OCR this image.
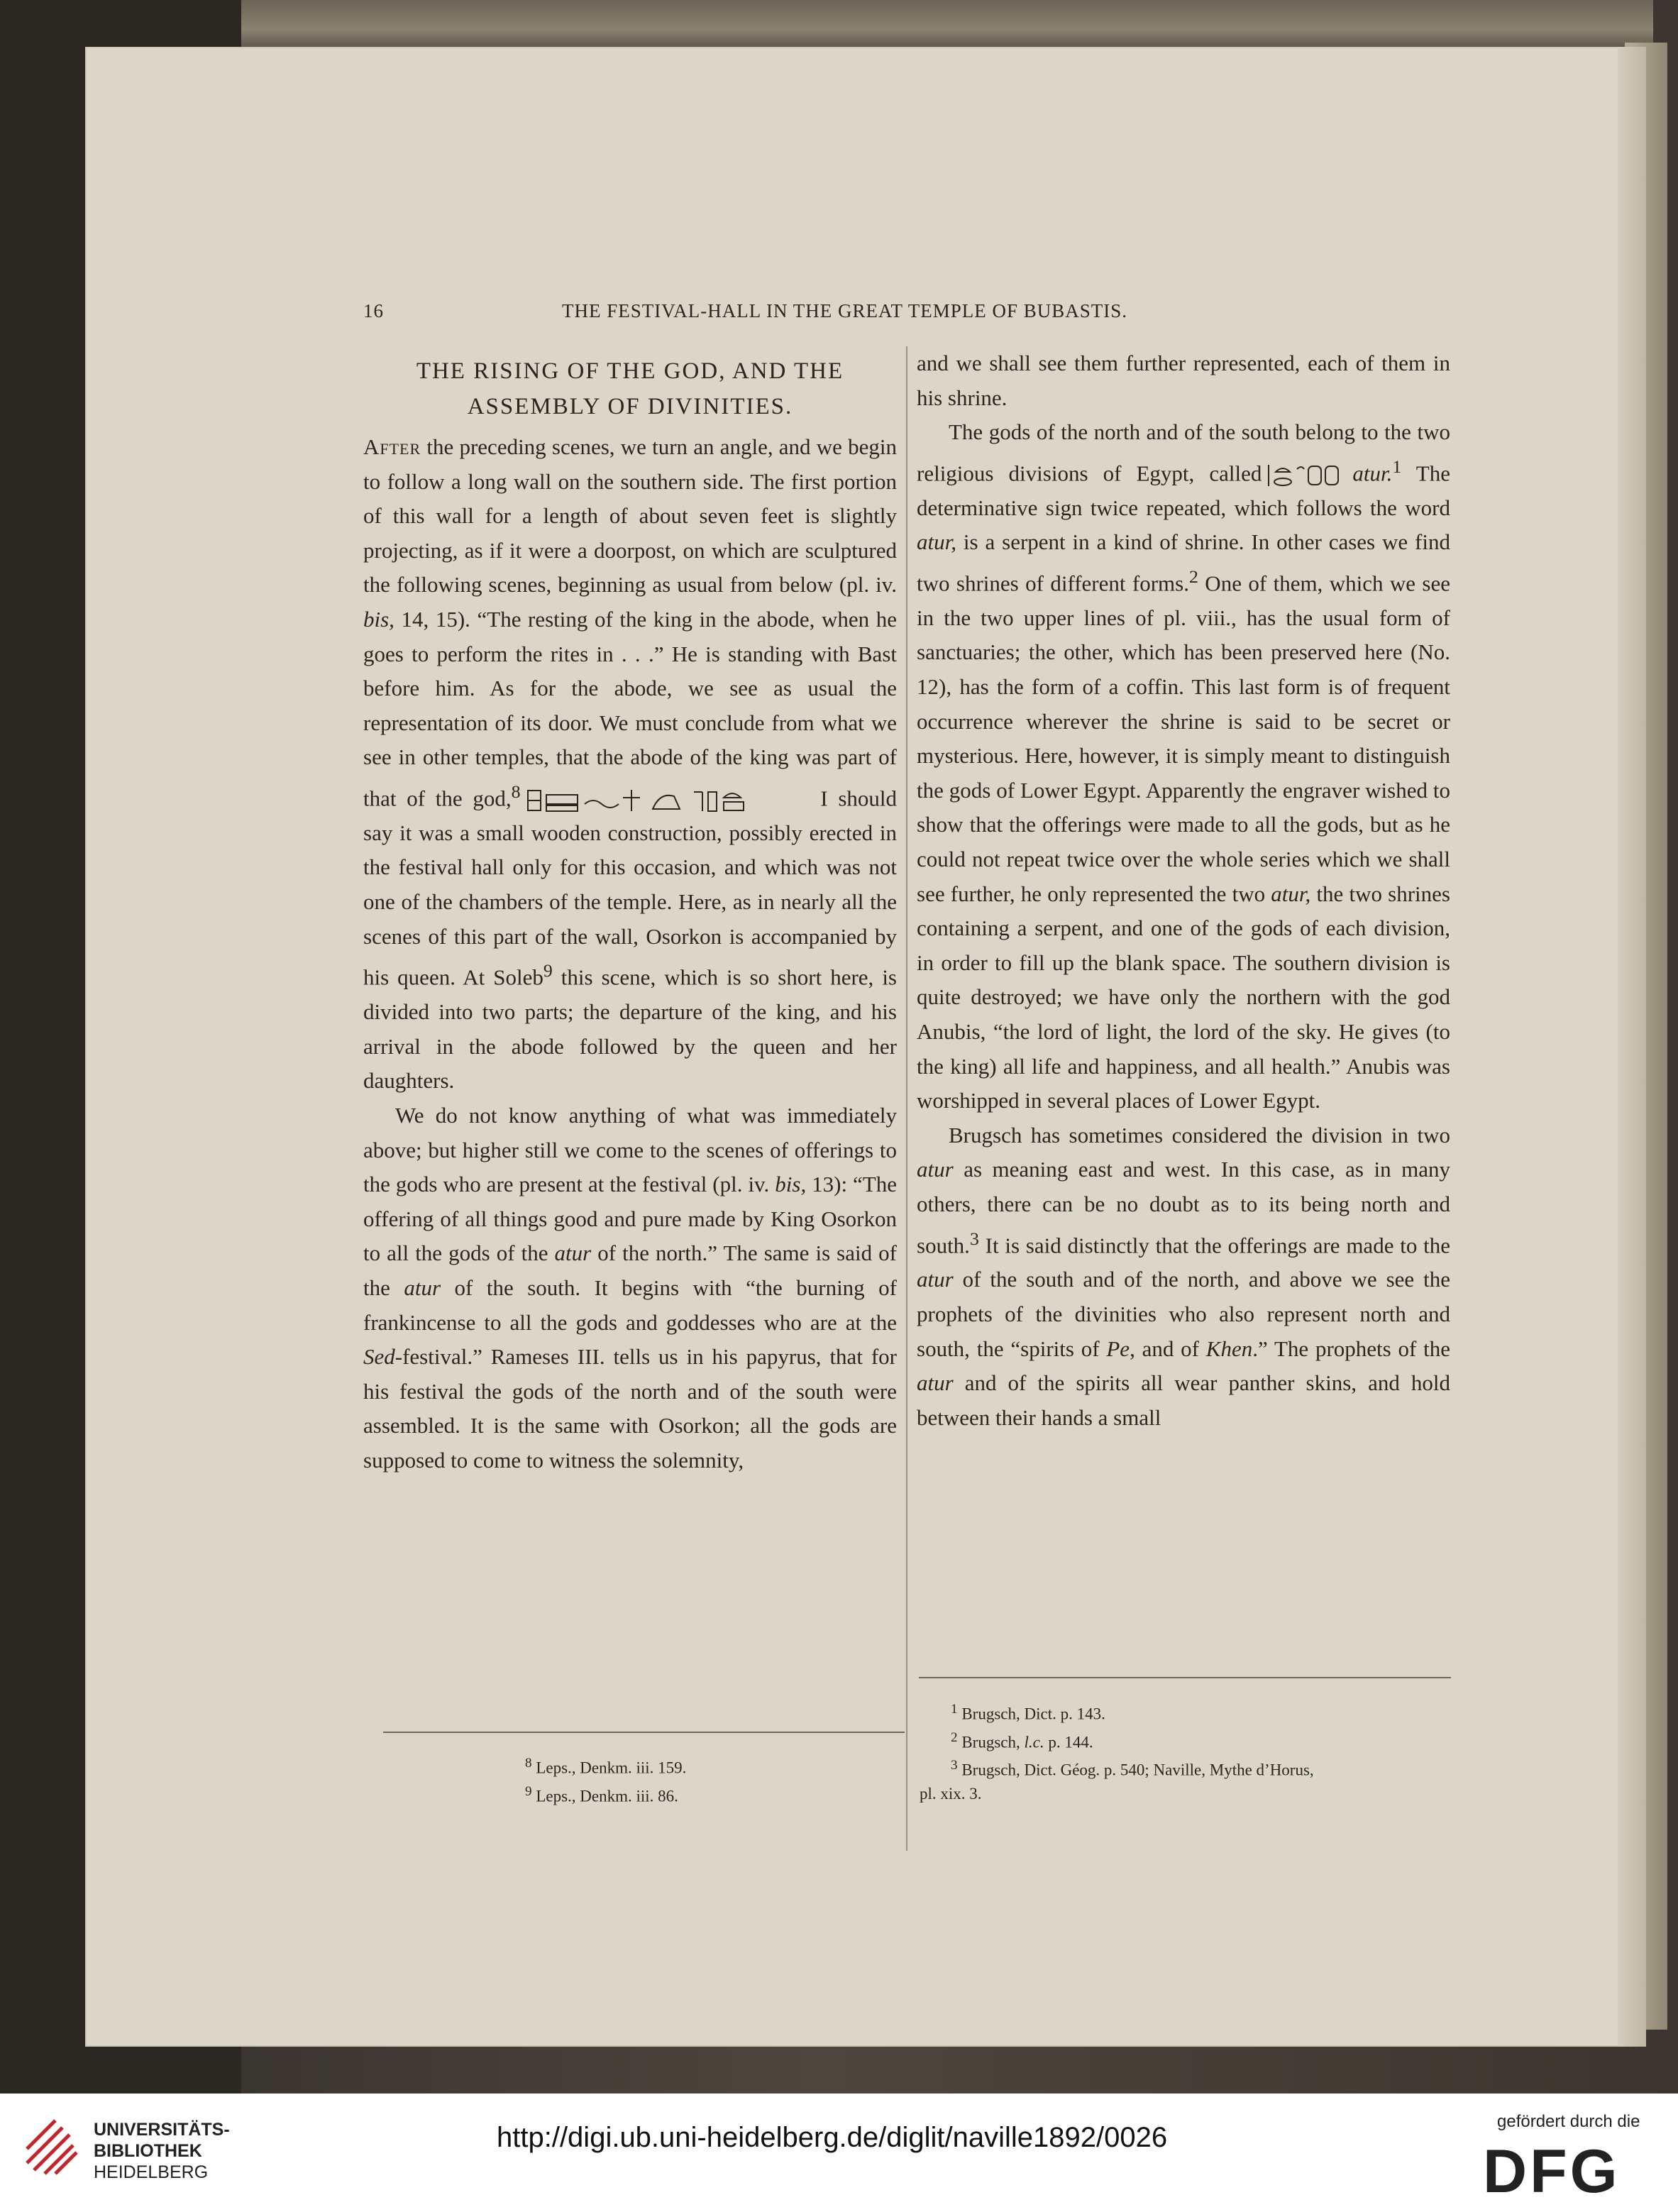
16	THE FESTIVAL-HALL IN THE GREAT TEMPLE OF BUBASTIS.
THE RISING OF THE GOD, AND THE
ASSEMBLY OF DIVINITIES.

After the preceding scenes, we turn an angle, and we begin to follow a long wall on the southern side. The first portion of this wall for a length of about seven feet is slightly projecting, as if it were a doorpost, on which are sculptured the following scenes, beginning as usual from below (pl. iv. bis, 14, 15). “The resting of the king in the abode, when he goes to perform the rites in . . .” He is standing with Bast before him. As for the abode, we see as usual the representation of its door. We must conclude from what we see in other temples, that the abode of the king was part of that of the god,$^8$	I should say it was a small wooden construction, possibly erected in the festival hall only for this occasion, and which was not one of the chambers of the temple. Here, as in nearly all the scenes of this part of the wall, Osorkon is accompanied by his queen. At Soleb$^9$ this scene, which is so short here, is divided into two parts; the departure of the king, and his arrival in the abode followed by the queen and her daughters.

We do not know anything of what was immediately above; but higher still we come to the scenes of offerings to the gods who are present at the festival (pl. iv. bis, 13): “The offering of all things good and pure made by King Osorkon to all the gods of the atur of the north.” The same is said of the atur of the south. It begins with “the burning of frankincense to all the gods and goddesses who are at the Sed-festival.” Rameses III. tells us in his papyrus, that for his festival the gods of the north and of the south were assembled. It is the same with Osorkon; all the gods are supposed to come to witness the solemnity,

and we shall see them further represented, each of them in his shrine.

The gods of the north and of the south belong to the two religious divisions of Egypt, called	atur.$^1$ The determinative sign twice repeated, which follows the word atur, is a serpent in a kind of shrine. In other cases we find two shrines of different forms.$^2$ One of them, which we see in the two upper lines of pl. viii., has the usual form of sanctuaries; the other, which has been preserved here (No. 12), has the form of a coffin. This last form is of frequent occurrence wherever the shrine is said to be secret or mysterious. Here, however, it is simply meant to distinguish the gods of Lower Egypt. Apparently the engraver wished to show that the offerings were made to all the gods, but as he could not repeat twice over the whole series which we shall see further, he only represented the two atur, the two shrines containing a serpent, and one of the gods of each division, in order to fill up the blank space. The southern division is quite destroyed; we have only the northern with the god Anubis, “the lord of light, the lord of the sky. He gives (to the king) all life and happiness, and all health.” Anubis was worshipped in several places of Lower Egypt.

Brugsch has sometimes considered the division in two atur as meaning east and west. In this case, as in many others, there can be no doubt as to its being north and south.$^3$ It is said distinctly that the offerings are made to the atur of the south and of the north, and above we see the prophets of the divinities who also represent north and south, the “spirits of Pe, and of Khen.” The prophets of the atur and of the spirits all wear panther skins, and hold between their hands a small

$^8$ Leps., Denkm. iii. 159.
$^9$ Leps., Denkm. iii. 86.
$^1$ Brugsch, Dict. p. 143.
$^2$ Brugsch, l.c. p. 144.
$^3$ Brugsch, Dict. Géog. p. 540; Naville, Mythe d’Horus,
pl. xix. 3.
UNIVERSITÄTS-
BIBLIOTHEK
HEIDELBERG
http://digi.ub.uni-heidelberg.de/diglit/naville1892/0026
gefördert durch die
DFG
